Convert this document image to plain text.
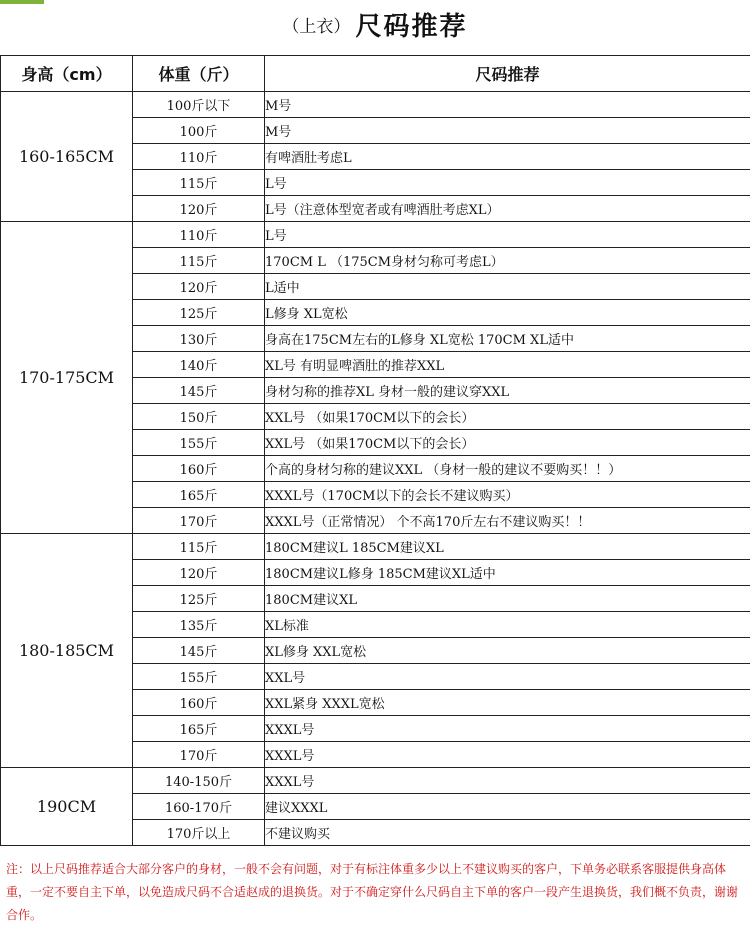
（上衣） 尺码推荐
身高（cm）	体重（斤）	尺码推荐
160-165CM	100斤以下	M号
	100斤	M号
	110斤	有啤酒肚考虑L
	115斤	L号
	120斤	L号（注意体型宽者或有啤酒肚考虑XL）
170-175CM	110斤	L号
	115斤	170CM L （175CM身材匀称可考虑L）
	120斤	L适中
	125斤	L修身 XL宽松
	130斤	身高在175CM左右的L修身 XL宽松 170CM XL适中
	140斤	XL号 有明显啤酒肚的推荐XXL
	145斤	身材匀称的推荐XL 身材一般的建议穿XXL
	150斤	XXL号 （如果170CM以下的会长）
	155斤	XXL号 （如果170CM以下的会长）
	160斤	个高的身材匀称的建议XXL （身材一般的建议不要购买！！）
	165斤	XXXL号（170CM以下的会长不建议购买）
	170斤	XXXL号（正常情况） 个不高170斤左右不建议购买！！
180-185CM	115斤	180CM建议L 185CM建议XL
	120斤	180CM建议L修身 185CM建议XL适中
	125斤	180CM建议XL
	135斤	XL标准
	145斤	XL修身 XXL宽松
	155斤	XXL号
	160斤	XXL紧身 XXXL宽松
	165斤	XXXL号
	170斤	XXXL号
190CM	140-150斤	XXXL号
	160-170斤	建议XXXL
	170斤以上	不建议购买
注：以上尺码推荐适合大部分客户的身材，一般不会有问题，对于有标注体重多少以上不建议购买的客户，下单务必联系客服提供身高体重，一定不要自主下单，以免造成尺码不合适赵成的退换货。对于不确定穿什么尺码自主下单的客户一段产生退换货，我们概不负责，谢谢合作。
